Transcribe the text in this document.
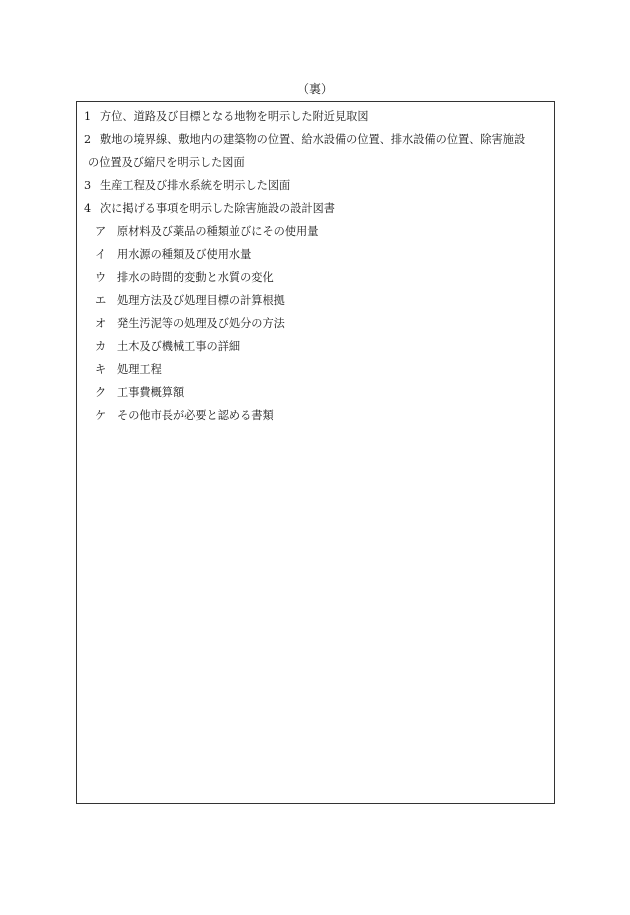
（裏）
1 方位、道路及び目標となる地物を明示した附近見取図
2 敷地の境界線、敷地内の建築物の位置、給水設備の位置、排水設備の位置、除害施設
の位置及び縮尺を明示した図面
3 生産工程及び排水系統を明示した図面
4 次に掲げる事項を明示した除害施設の設計図書
ア 原材料及び薬品の種類並びにその使用量
イ 用水源の種類及び使用水量
ウ 排水の時間的変動と水質の変化
エ 処理方法及び処理目標の計算根拠
オ 発生汚泥等の処理及び処分の方法
カ 土木及び機械工事の詳細
キ 処理工程
ク 工事費概算額
ケ その他市長が必要と認める書類
